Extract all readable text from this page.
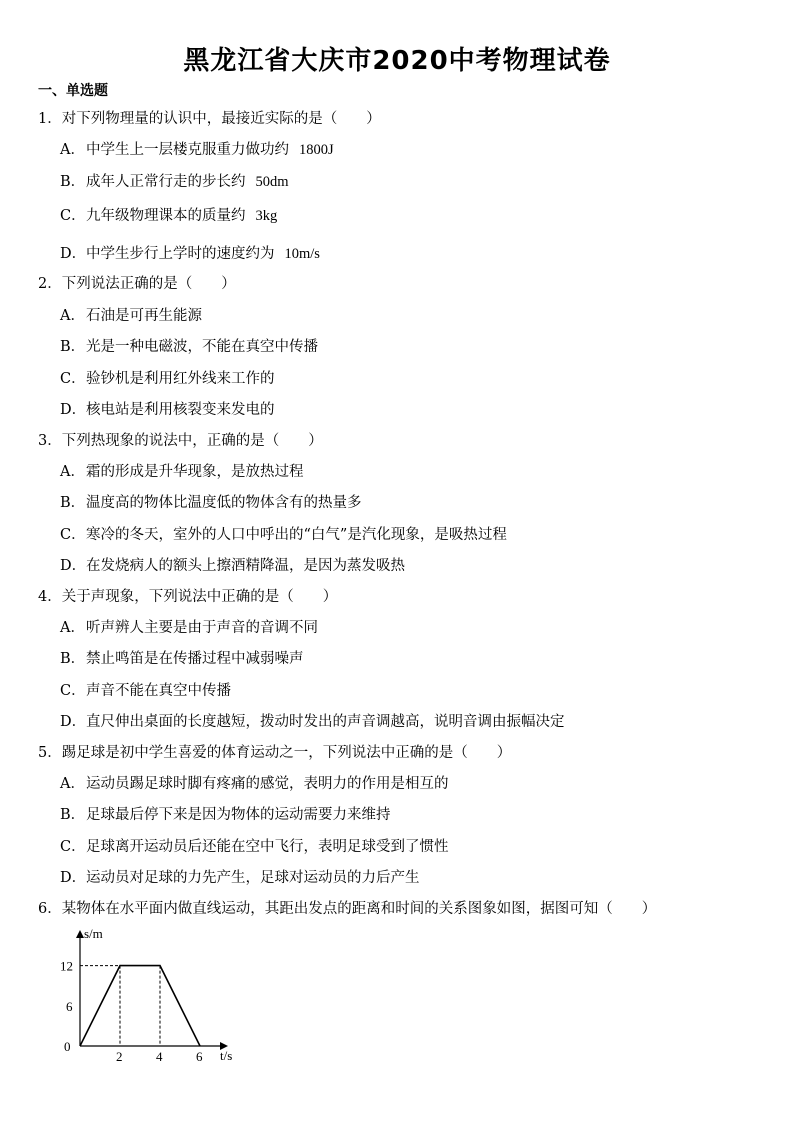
黑龙江省大庆市2020中考物理试卷
一、单选题
1．对下列物理量的认识中，最接近实际的是（　　）
A．中学生上一层楼克服重力做功约 1800J
B．成年人正常行走的步长约 50dm
C．九年级物理课本的质量约 3kg
D．中学生步行上学时的速度约为 10m/s
2．下列说法正确的是（　　）
A．石油是可再生能源
B．光是一种电磁波，不能在真空中传播
C．验钞机是利用红外线来工作的
D．核电站是利用核裂变来发电的
3．下列热现象的说法中，正确的是（　　）
A．霜的形成是升华现象，是放热过程
B．温度高的物体比温度低的物体含有的热量多
C．寒冷的冬天，室外的人口中呼出的“白气”是汽化现象，是吸热过程
D．在发烧病人的额头上擦酒精降温，是因为蒸发吸热
4．关于声现象，下列说法中正确的是（　　）
A．听声辨人主要是由于声音的音调不同
B．禁止鸣笛是在传播过程中减弱噪声
C．声音不能在真空中传播
D．直尺伸出桌面的长度越短，拨动时发出的声音调越高，说明音调由振幅决定
5．踢足球是初中学生喜爱的体育运动之一，下列说法中正确的是（　　）
A．运动员踢足球时脚有疼痛的感觉，表明力的作用是相互的
B．足球最后停下来是因为物体的运动需要力来维持
C．足球离开运动员后还能在空中飞行，表明足球受到了惯性
D．运动员对足球的力先产生，足球对运动员的力后产生
6．某物体在水平面内做直线运动，其距出发点的距离和时间的关系图象如图，据图可知（　　）
s/m
t/s
0
2	4	6
12
6
